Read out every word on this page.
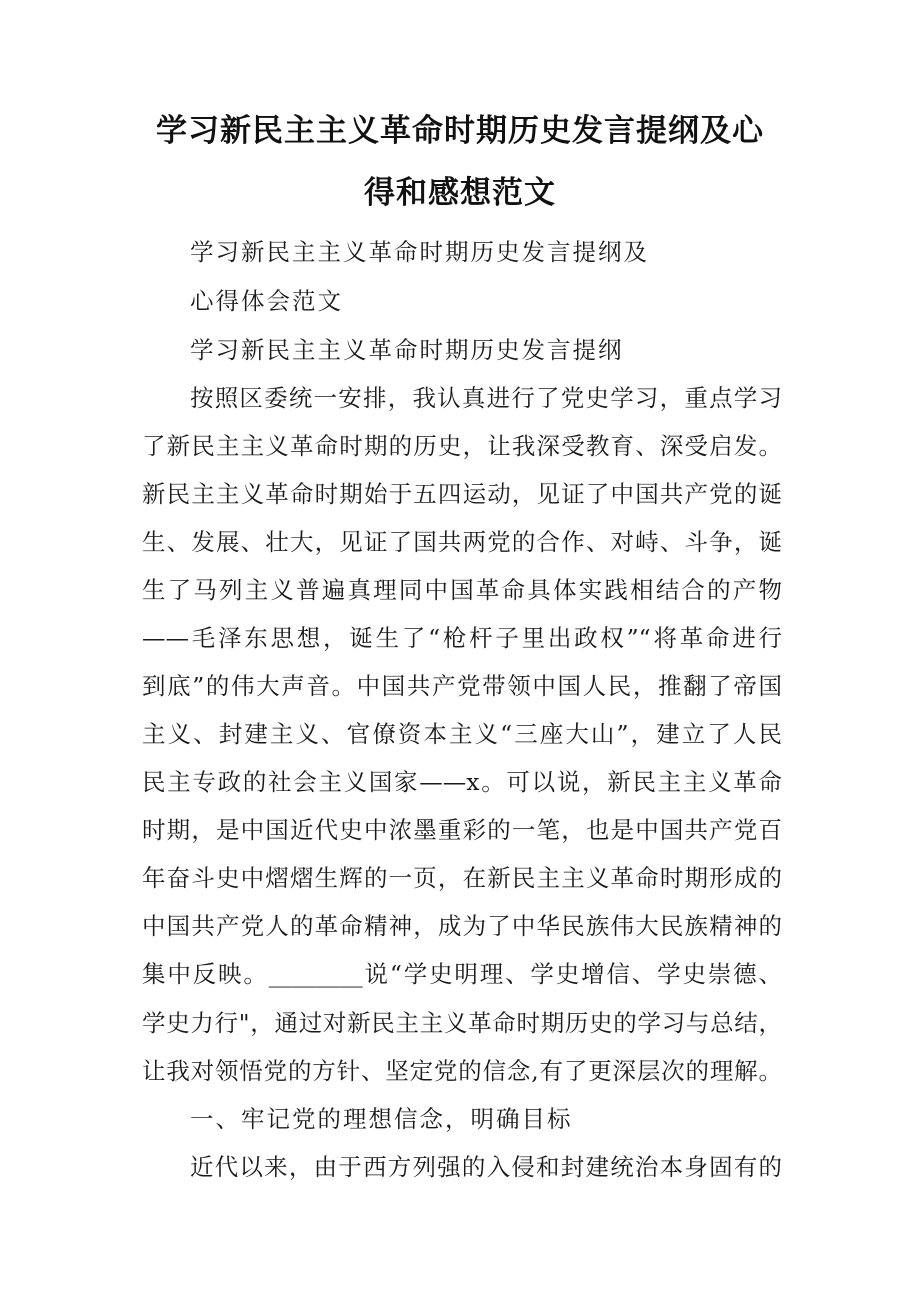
学习新民主主义革命时期历史发言提纲及心
得和感想范文

学习新民主主义革命时期历史发言提纲及

心得体会范文

学习新民主主义革命时期历史发言提纲

按照区委统一安排，我认真进行了党史学习，重点学习

了新民主主义革命时期的历史，让我深受教育、深受启发。

新民主主义革命时期始于五四运动，见证了中国共产党的诞

生、发展、壮大，见证了国共两党的合作、对峙、斗争，诞

生了马列主义普遍真理同中国革命具体实践相结合的产物

——毛泽东思想，诞生了“枪杆子里出政权”“将革命进行

到底”的伟大声音。中国共产党带领中国人民，推翻了帝国

主义、封建主义、官僚资本主义“三座大山”，建立了人民

民主专政的社会主义国家——x。可以说，新民主主义革命

时期，是中国近代史中浓墨重彩的一笔，也是中国共产党百

年奋斗史中熠熠生辉的一页，在新民主主义革命时期形成的

中国共产党人的革命精神，成为了中华民族伟大民族精神的

集中反映。________说“学史明理、学史增信、学史崇德、

学史力行"，通过对新民主主义革命时期历史的学习与总结，

让我对领悟党的方针、坚定党的信念,有了更深层次的理解。

一、牢记党的理想信念，明确目标

近代以来，由于西方列强的入侵和封建统治本身固有的
